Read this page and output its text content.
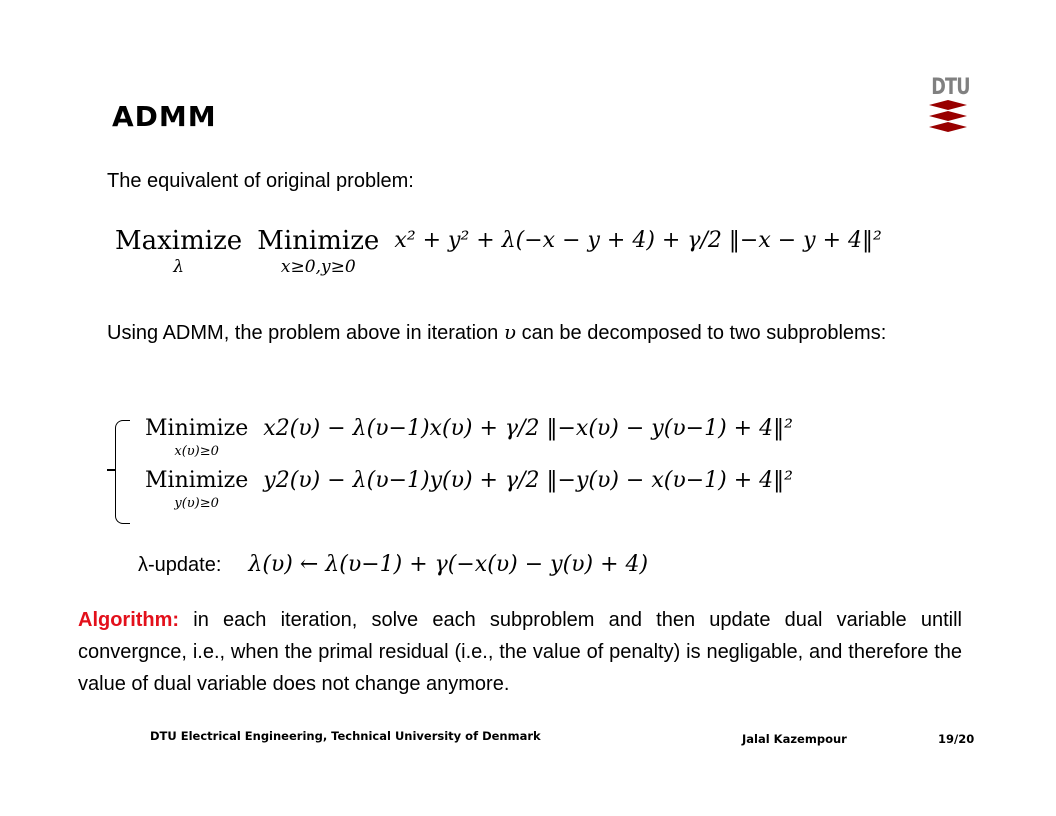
ADMM
DTU
The equivalent of original problem:
Maximize
λ
Minimize
x≥0,y≥0
x² + y² + λ(−x − y + 4) + γ/2 ‖−x − y + 4‖²
Using ADMM, the problem above in iteration υ can be decomposed to two subproblems:
Minimize
x(υ)≥0
x2(υ) − λ(υ−1)x(υ) + γ/2 ‖−x(υ) − y(υ−1) + 4‖²
Minimize
y(υ)≥0
y2(υ) − λ(υ−1)y(υ) + γ/2 ‖−y(υ) − x(υ−1) + 4‖²
λ-update: λ(υ) ← λ(υ−1) + γ(−x(υ) − y(υ) + 4)
Algorithm: in each iteration, solve each subproblem and then update dual variable untill convergnce, i.e., when the primal residual (i.e., the value of penalty) is negligable, and therefore the value of dual variable does not change anymore.
DTU Electrical Engineering, Technical University of Denmark	Jalal Kazempour	19/20
